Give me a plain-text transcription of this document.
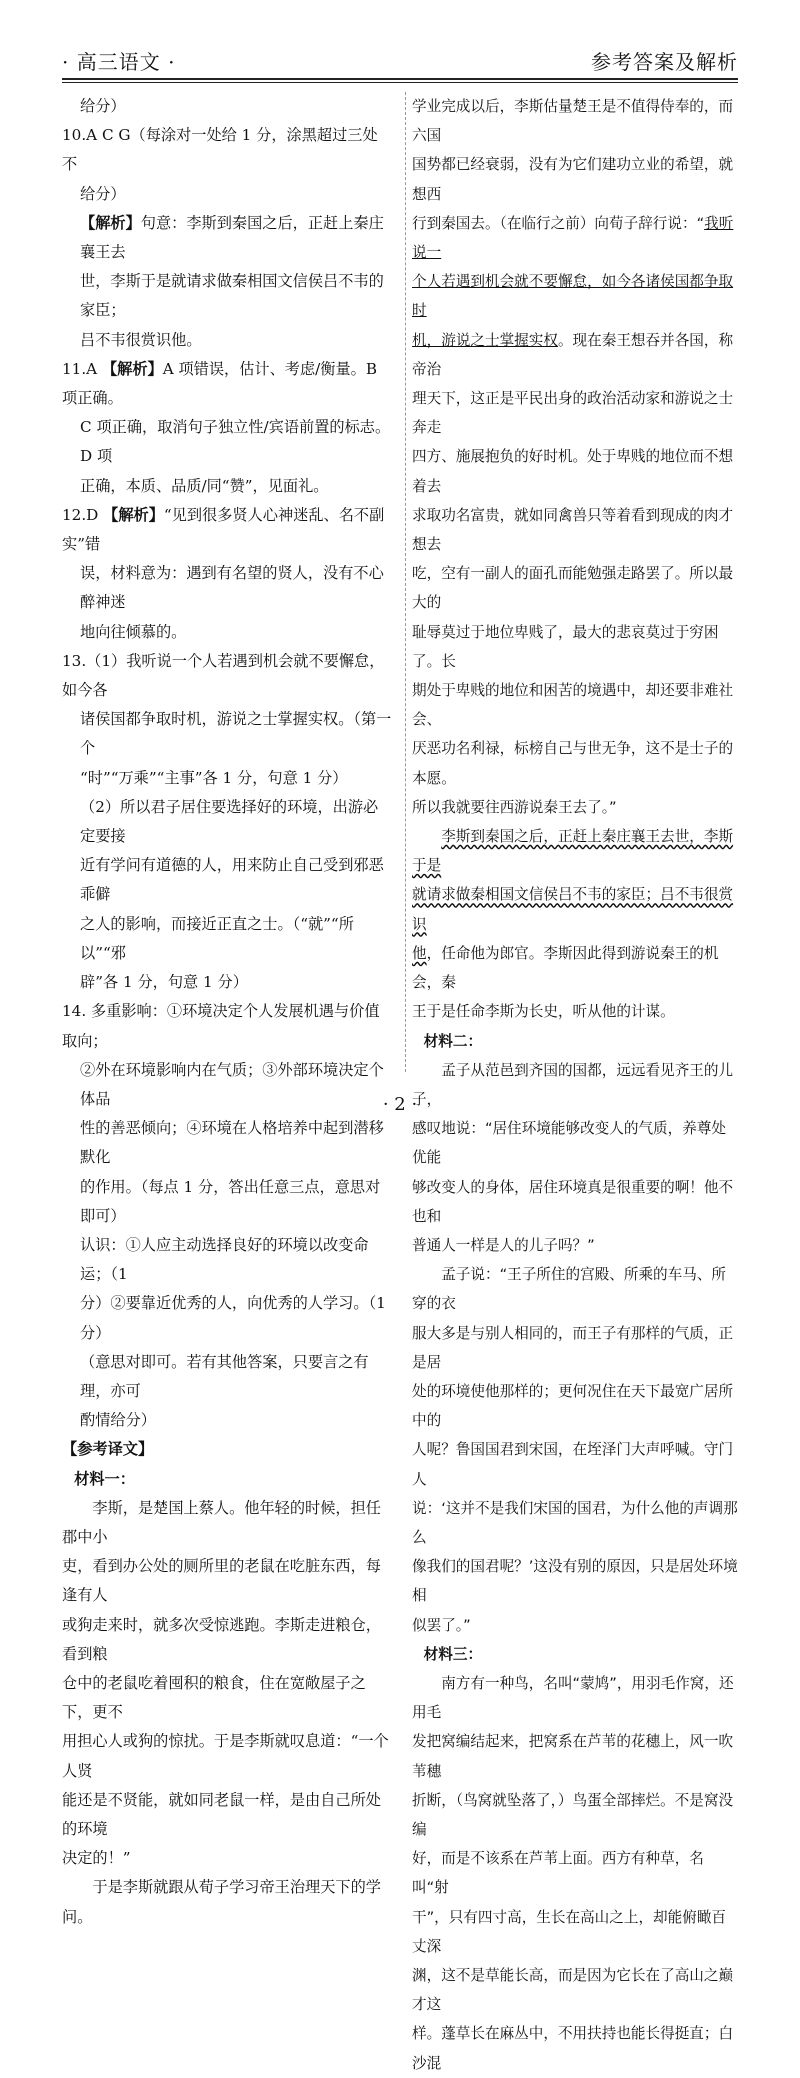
· 高三语文 ·	参考答案及解析

给分）

10.A C G（每涂对一处给 1 分，涂黑超过三处不

给分）

【解析】句意：李斯到秦国之后，正赶上秦庄襄王去

世，李斯于是就请求做秦相国文信侯吕不韦的家臣；

吕不韦很赏识他。

11.A 【解析】A 项错误，估计、考虑/衡量。B 项正确。

C 项正确，取消句子独立性/宾语前置的标志。D 项

正确，本质、品质/同“赞”，见面礼。

12.D 【解析】“见到很多贤人心神迷乱、名不副实”错

误，材料意为：遇到有名望的贤人，没有不心醉神迷

地向往倾慕的。

13.（1）我听说一个人若遇到机会就不要懈怠，如今各

诸侯国都争取时机，游说之士掌握实权。（第一个

“时”“万乘”“主事”各 1 分，句意 1 分）

（2）所以君子居住要选择好的环境，出游必定要接

近有学问有道德的人，用来防止自己受到邪恶乖僻

之人的影响，而接近正直之士。（“就”“所以”“邪

辟”各 1 分，句意 1 分）

14. 多重影响：①环境决定个人发展机遇与价值取向；

②外在环境影响内在气质；③外部环境决定个体品

性的善恶倾向；④环境在人格培养中起到潜移默化

的作用。（每点 1 分，答出任意三点，意思对即可）

认识：①人应主动选择良好的环境以改变命运；（1

分）②要靠近优秀的人，向优秀的人学习。（1 分）

（意思对即可。若有其他答案，只要言之有理，亦可

酌情给分）

【参考译文】

材料一：

李斯，是楚国上蔡人。他年轻的时候，担任郡中小

吏，看到办公处的厕所里的老鼠在吃脏东西，每逢有人

或狗走来时，就多次受惊逃跑。李斯走进粮仓，看到粮

仓中的老鼠吃着囤积的粮食，住在宽敞屋子之下，更不

用担心人或狗的惊扰。于是李斯就叹息道：“一个人贤

能还是不贤能，就如同老鼠一样，是由自己所处的环境

决定的！”

于是李斯就跟从荀子学习帝王治理天下的学问。

学业完成以后，李斯估量楚王是不值得侍奉的，而六国

国势都已经衰弱，没有为它们建功立业的希望，就想西

行到秦国去。（在临行之前）向荀子辞行说：“我听说一

个人若遇到机会就不要懈怠，如今各诸侯国都争取时

机，游说之士掌握实权。现在秦王想吞并各国，称帝治

理天下，这正是平民出身的政治活动家和游说之士奔走

四方、施展抱负的好时机。处于卑贱的地位而不想着去

求取功名富贵，就如同禽兽只等着看到现成的肉才想去

吃，空有一副人的面孔而能勉强走路罢了。所以最大的

耻辱莫过于地位卑贱了，最大的悲哀莫过于穷困了。长

期处于卑贱的地位和困苦的境遇中，却还要非难社会、

厌恶功名利禄，标榜自己与世无争，这不是士子的本愿。

所以我就要往西游说秦王去了。”

李斯到秦国之后，正赶上秦庄襄王去世，李斯于是

就请求做秦相国文信侯吕不韦的家臣；吕不韦很赏识

他，任命他为郎官。李斯因此得到游说秦王的机会，秦

王于是任命李斯为长史，听从他的计谋。

材料二：

孟子从范邑到齐国的国都，远远看见齐王的儿子，

感叹地说：“居住环境能够改变人的气质，养尊处优能

够改变人的身体，居住环境真是很重要的啊！他不也和

普通人一样是人的儿子吗？”

孟子说：“王子所住的宫殿、所乘的车马、所穿的衣

服大多是与别人相同的，而王子有那样的气质，正是居

处的环境使他那样的；更何况住在天下最宽广居所中的

人呢？鲁国国君到宋国，在垤泽门大声呼喊。守门人

说：‘这并不是我们宋国的国君，为什么他的声调那么

像我们的国君呢？’这没有别的原因，只是居处环境相

似罢了。”

材料三：

南方有一种鸟，名叫“蒙鸠”，用羽毛作窝，还用毛

发把窝编结起来，把窝系在芦苇的花穗上，风一吹苇穗

折断，（鸟窝就坠落了，）鸟蛋全部摔烂。不是窝没编

好，而是不该系在芦苇上面。西方有种草，名叫“射

干”，只有四寸高，生长在高山之上，却能俯瞰百丈深

渊，这不是草能长高，而是因为它长在了高山之巅才这

样。蓬草长在麻丛中，不用扶持也能长得挺直；白沙混

· 2 ·
